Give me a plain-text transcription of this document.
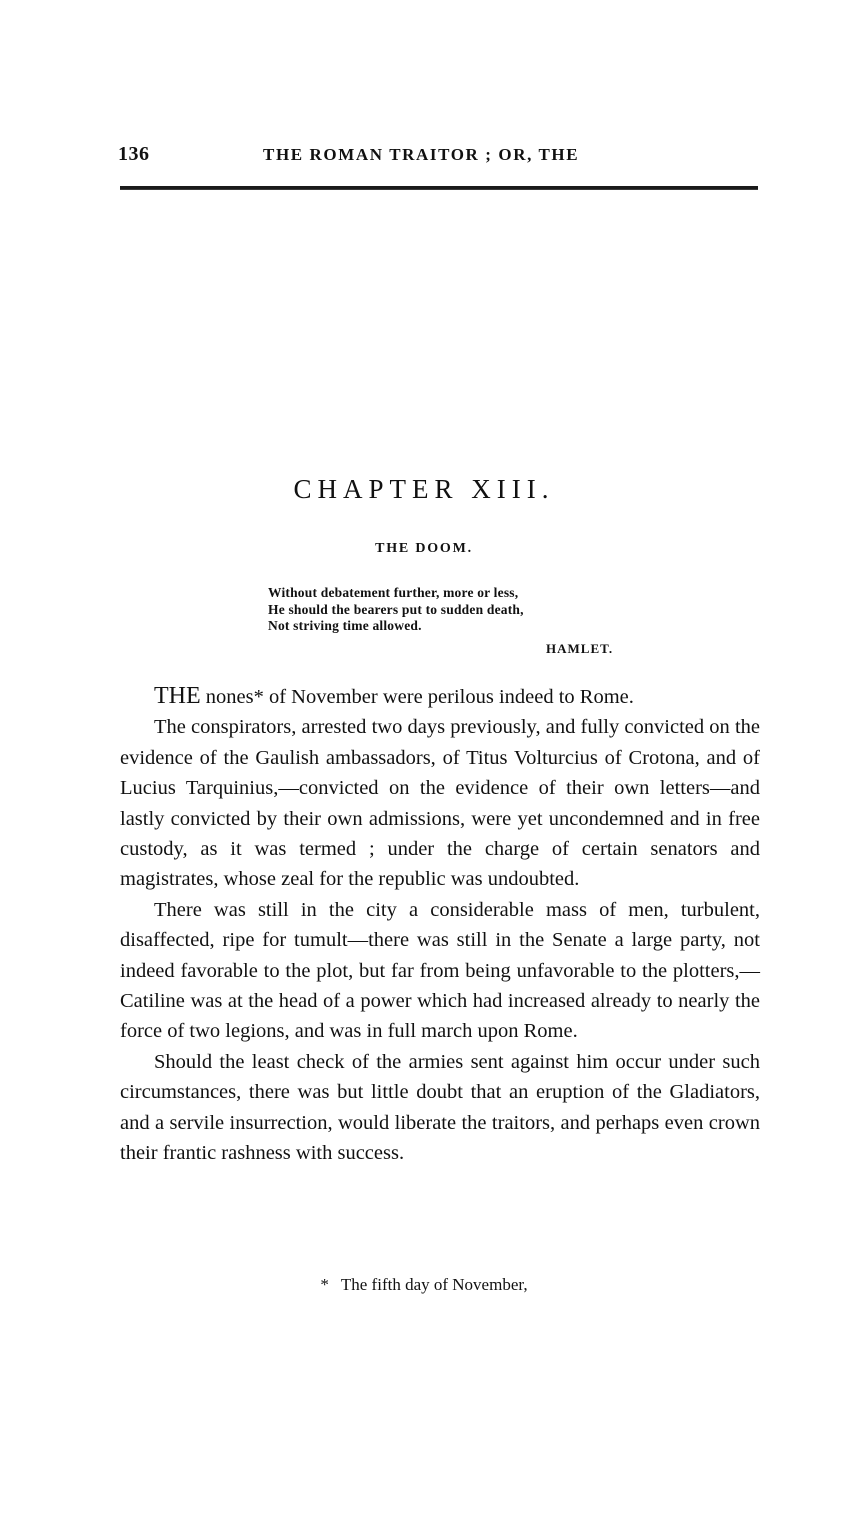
136	THE ROMAN TRAITOR ; OR, THE
CHAPTER XIII.
THE DOOM.
Without debatement further, more or less,
He should the bearers put to sudden death,
Not striving time allowed.
HAMLET.

THE nones* of November were perilous indeed to Rome.

The conspirators, arrested two days previously, and fully convicted on the evidence of the Gaulish ambassadors, of Titus Volturcius of Crotona, and of Lucius Tarquinius,—convicted on the evidence of their own letters—and lastly convicted by their own admissions, were yet uncondemned and in free custody, as it was termed ; under the charge of certain senators and magistrates, whose zeal for the republic was undoubted.

There was still in the city a considerable mass of men, turbulent, disaffected, ripe for tumult—there was still in the Senate a large party, not indeed favorable to the plot, but far from being unfavorable to the plotters,—Catiline was at the head of a power which had increased already to nearly the force of two legions, and was in full march upon Rome.

Should the least check of the armies sent against him occur under such circumstances, there was but little doubt that an eruption of the Gladiators, and a servile insurrection, would liberate the traitors, and perhaps even crown their frantic rashness with success.

* The fifth day of November,
